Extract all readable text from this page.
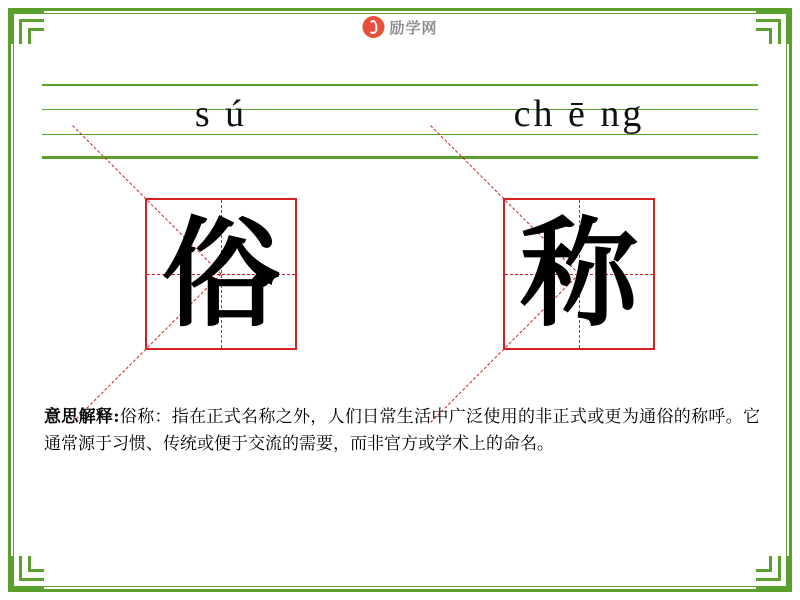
励学网
s ú	ch ē ng
俗 称
意思解释:俗称：指在正式名称之外，人们日常生活中广泛使用的非正式或更为通俗的称呼。它通常源于习惯、传统或便于交流的需要，而非官方或学术上的命名。
